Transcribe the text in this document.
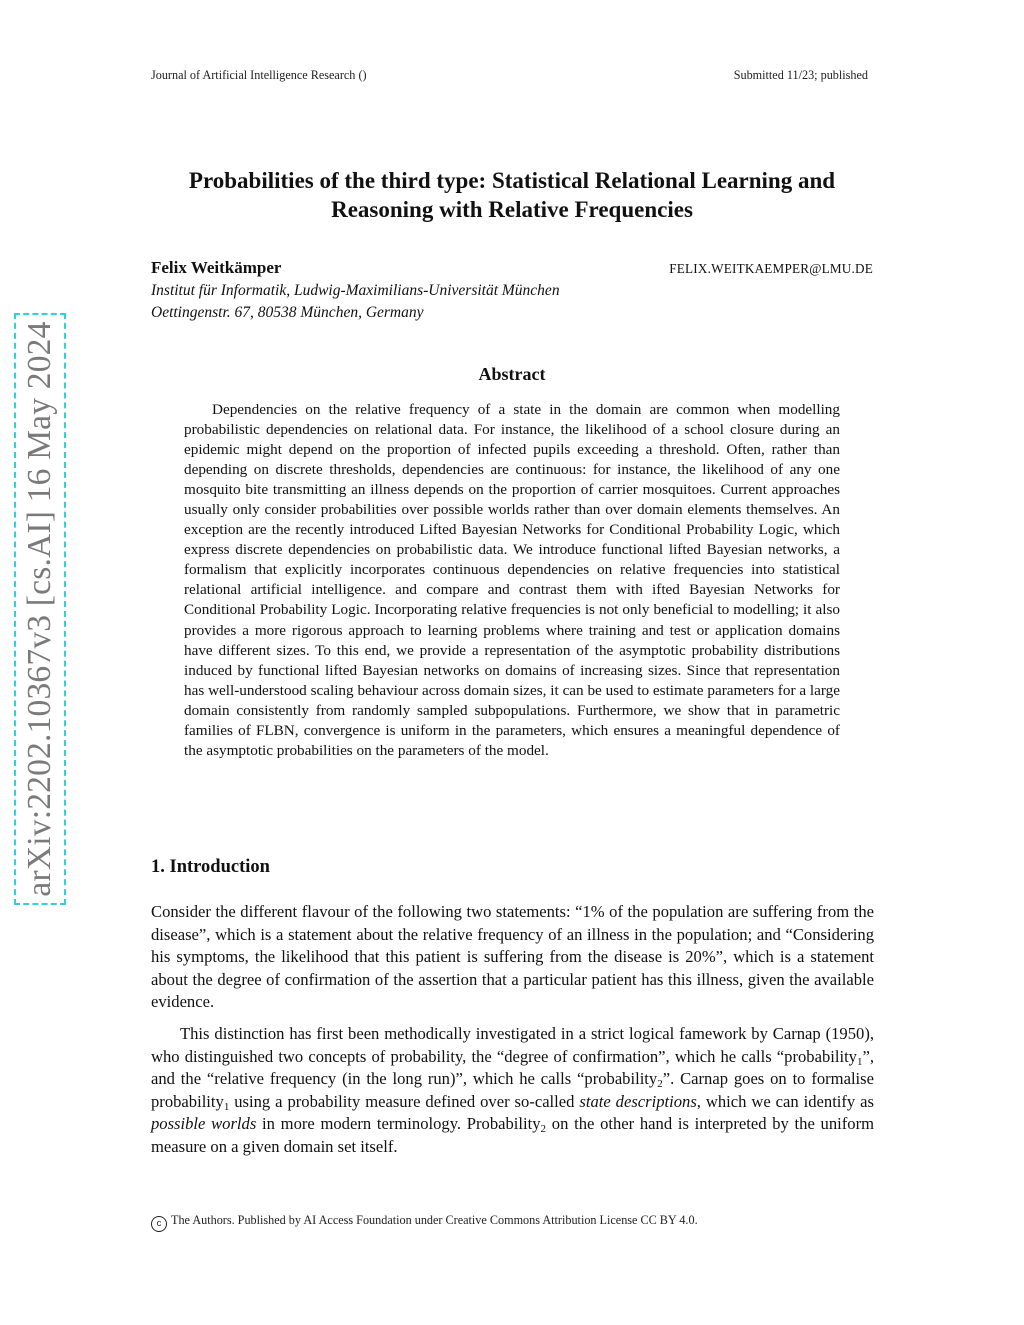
Journal of Artificial Intelligence Research ()	Submitted 11/23; published
Probabilities of the third type: Statistical Relational Learning and Reasoning with Relative Frequencies
Felix Weitkämper	FELIX.WEITKAEMPER@LMU.DE
Institut für Informatik, Ludwig-Maximilians-Universität München
Oettingenstr. 67, 80538 München, Germany
Abstract

Dependencies on the relative frequency of a state in the domain are common when modelling probabilistic dependencies on relational data. For instance, the likelihood of a school closure during an epidemic might depend on the proportion of infected pupils exceeding a threshold. Often, rather than depending on discrete thresholds, dependencies are continuous: for instance, the likelihood of any one mosquito bite transmitting an illness depends on the proportion of carrier mosquitoes. Current approaches usually only consider probabilities over possible worlds rather than over domain elements themselves. An exception are the recently introduced Lifted Bayesian Networks for Conditional Probability Logic, which express discrete dependencies on probabilistic data. We introduce functional lifted Bayesian networks, a formalism that explicitly incorporates continuous dependencies on relative frequencies into statistical relational artificial intelligence. and compare and contrast them with ifted Bayesian Networks for Conditional Probability Logic. Incorporating relative frequencies is not only beneficial to modelling; it also provides a more rigorous approach to learning problems where training and test or application domains have different sizes. To this end, we provide a representation of the asymptotic probability distributions induced by functional lifted Bayesian networks on domains of increasing sizes. Since that representation has well-understood scaling behaviour across domain sizes, it can be used to estimate parameters for a large domain consistently from randomly sampled subpopulations. Furthermore, we show that in parametric families of FLBN, convergence is uniform in the parameters, which ensures a meaningful dependence of the asymptotic probabilities on the parameters of the model.

1. Introduction

Consider the different flavour of the following two statements: “1% of the population are suffering from the disease”, which is a statement about the relative frequency of an illness in the population; and “Considering his symptoms, the likelihood that this patient is suffering from the disease is 20%”, which is a statement about the degree of confirmation of the assertion that a particular patient has this illness, given the available evidence.

This distinction has first been methodically investigated in a strict logical famework by Carnap (1950), who distinguished two concepts of probability, the “degree of confirmation”, which he calls “probability$_1$”, and the “relative frequency (in the long run)”, which he calls “probability$_2$”. Carnap goes on to formalise probability$_1$ using a probability measure defined over so-called state descriptions, which we can identify as possible worlds in more modern terminology. Probability$_2$ on the other hand is interpreted by the uniform measure on a given domain set itself.

c The Authors. Published by AI Access Foundation under Creative Commons Attribution License CC BY 4.0.
arXiv:2202.10367v3 [cs.AI] 16 May 2024
